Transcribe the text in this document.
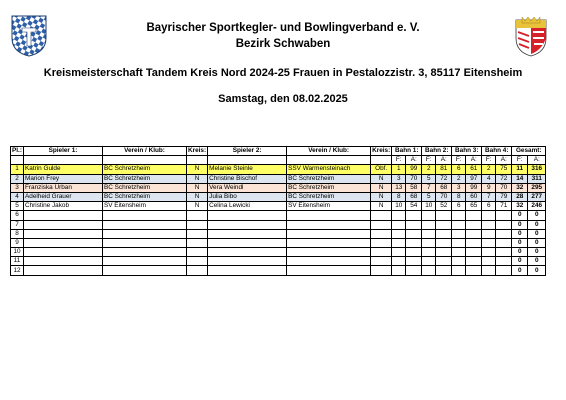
Bayrischer Sportkegler- und Bowlingverband e. V.
Bezirk Schwaben
Kreismeisterschaft Tandem Kreis Nord 2024-25 Frauen in Pestalozzistr. 3, 85117 Eitensheim
Samstag, den 08.02.2025
Pl.:	Spieler 1:	Verein / Klub:	Kreis:	Spieler 2:	Verein / Klub:	Kreis:	Bahn 1:		Bahn 2:		Bahn 3:		Bahn 4:		Gesamt:	
							F:	A:	F:	A:	F:	A:	F:	A:	F:	A:
1	Katrin Gulde	BC Schretzheim	N	Melanie Steinle	SSV Warmensteinach	Obf.	1	99	2	81	6	61	2	75	11	316
2	Marion Frey	BC Schretzheim	N	Christine Bischof	BC Schretzheim	N	3	70	5	72	2	97	4	72	14	311
3	Franziska Urban	BC Schretzheim	N	Vera Weindl	BC Schretzheim	N	13	58	7	68	3	99	9	70	32	295
4	Adelheid Grauer	BC Schretzheim	N	Julia Bibo	BC Schretzheim	N	8	68	5	70	8	60	7	79	28	277
5	Christine Jakob	SV Eitensheim	N	Celina Lewicki	SV Eitensheim	N	10	54	10	52	6	65	6	71	32	246
6															0	0
7															0	0
8															0	0
9															0	0
10															0	0
11															0	0
12															0	0
